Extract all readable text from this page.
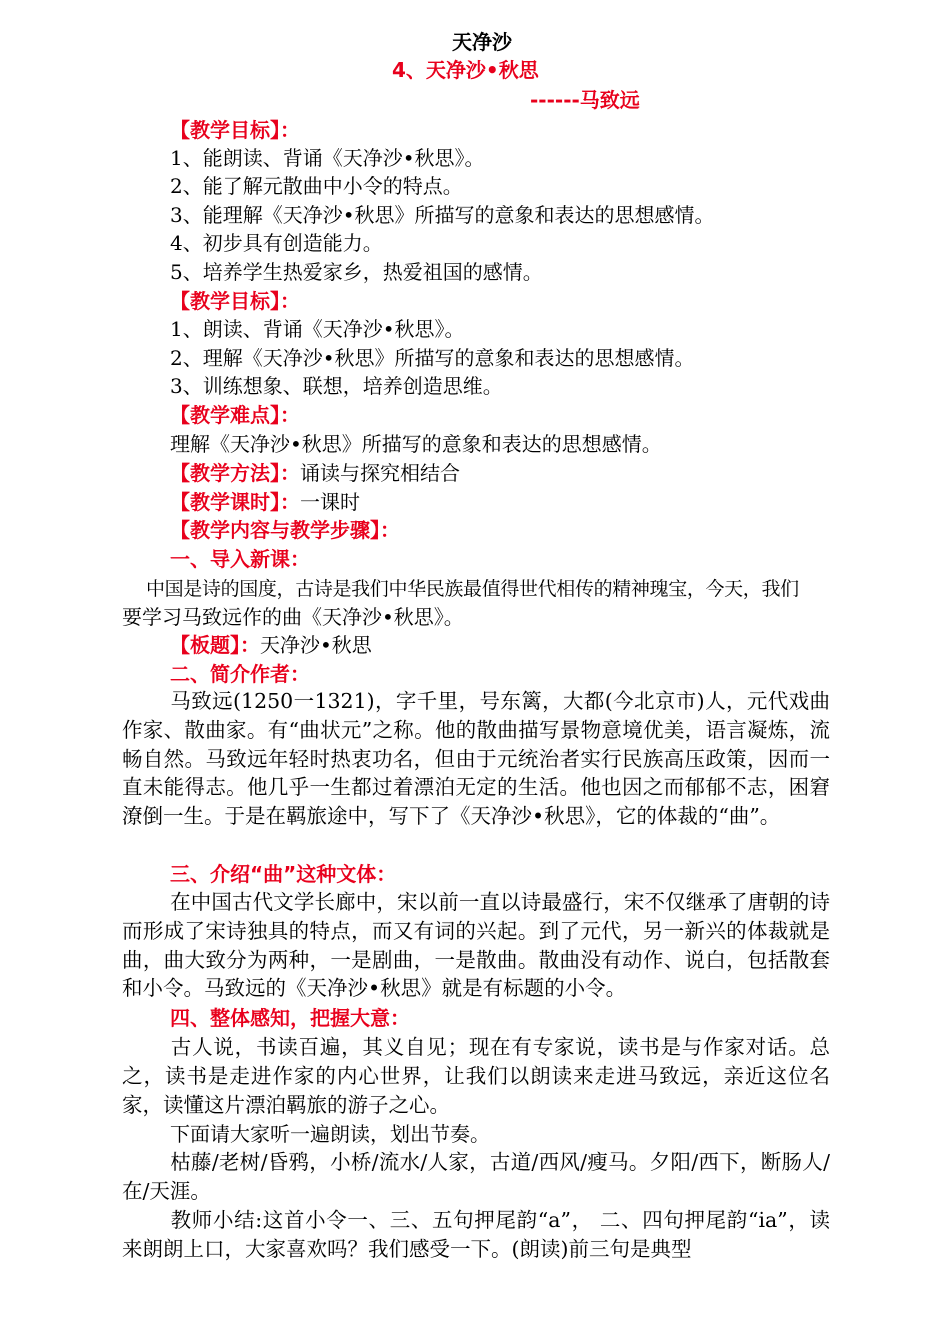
天净沙
4、天净沙•秋思
------马致远
【教学目标】：
1、能朗读、背诵《天净沙•秋思》。
2、能了解元散曲中小令的特点。
3、能理解《天净沙•秋思》所描写的意象和表达的思想感情。
4、初步具有创造能力。
5、培养学生热爱家乡，热爱祖国的感情。
【教学目标】：
1、朗读、背诵《天净沙•秋思》。
2、理解《天净沙•秋思》所描写的意象和表达的思想感情。
3、训练想象、联想，培养创造思维。
【教学难点】：
理解《天净沙•秋思》所描写的意象和表达的思想感情。
【教学方法】：诵读与探究相结合
【教学课时】：一课时
【教学内容与教学步骤】：
一、导入新课：
中国是诗的国度，古诗是我们中华民族最值得世代相传的精神瑰宝，今天，我们
要学习马致远作的曲《天净沙•秋思》。
【板题】：天净沙•秋思
二、简介作者：
马致远(1250一1321)，字千里，号东篱，大都(今北京市)人，元代戏曲作家、散曲家。有“曲状元”之称。他的散曲描写景物意境优美，语言凝炼，流畅自然。马致远年轻时热衷功名，但由于元统治者实行民族高压政策，因而一直未能得志。他几乎一生都过着漂泊无定的生活。他也因之而郁郁不志，困窘潦倒一生。于是在羁旅途中，写下了《天净沙•秋思》，它的体裁的“曲”。
三、介绍“曲”这种文体：
在中国古代文学长廊中，宋以前一直以诗最盛行，宋不仅继承了唐朝的诗而形成了宋诗独具的特点，而又有词的兴起。到了元代，另一新兴的体裁就是曲，曲大致分为两种，一是剧曲，一是散曲。散曲没有动作、说白，包括散套和小令。马致远的《天净沙•秋思》就是有标题的小令。
四、整体感知，把握大意：
古人说，书读百遍，其义自见；现在有专家说，读书是与作家对话。总之，读书是走进作家的内心世界，让我们以朗读来走进马致远，亲近这位名家，读懂这片漂泊羁旅的游子之心。
下面请大家听一遍朗读，划出节奏。
枯藤/老树/昏鸦，小桥/流水/人家，古道/西风/瘦马。夕阳/西下，断肠人/在/天涯。
教师小结:这首小令一、三、五句押尾韵“a”， 二、四句押尾韵“ia”，读来朗朗上口，大家喜欢吗？我们感受一下。(朗读)前三句是典型
